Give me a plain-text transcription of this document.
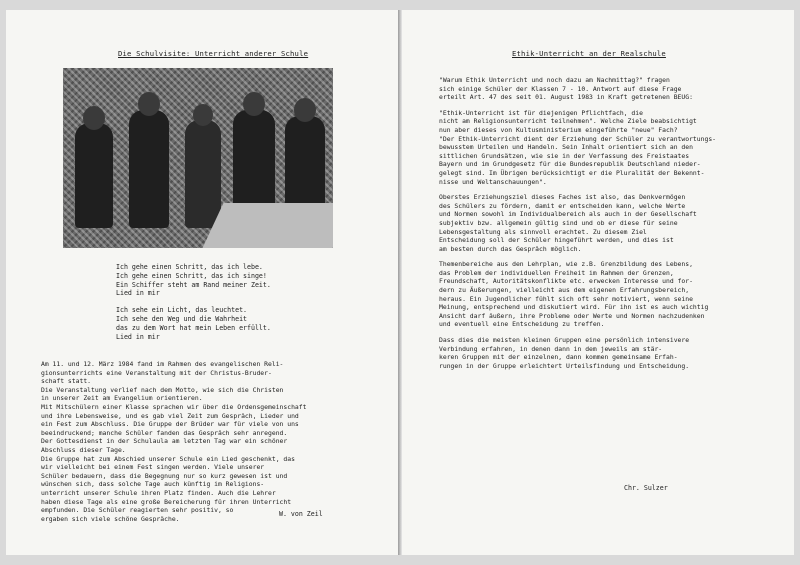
Die Schulvisite: Unterricht anderer Schule
Ich gehe einen Schritt, das ich lebe.
Ich gehe einen Schritt, das ich singe!
Ein Schiffer steht am Rand meiner Zeit.
Lied in mir
Ich sehe ein Licht, das leuchtet.
Ich sehe den Weg und die Wahrheit
das zu dem Wort hat mein Leben erfüllt.
Lied in mir
Am 11. und 12. März 1984 fand im Rahmen des evangelischen Reli-
gionsunterrichts eine Veranstaltung mit der Christus-Bruder-
schaft statt.
Die Veranstaltung verlief nach dem Motto, wie sich die Christen
in unserer Zeit am Evangelium orientieren.
Mit Mitschülern einer Klasse sprachen wir über die Ordensgemeinschaft
und ihre Lebensweise, und es gab viel Zeit zum Gespräch, Lieder und
ein Fest zum Abschluss. Die Gruppe der Brüder war für viele von uns
beeindruckend; manche Schüler fanden das Gespräch sehr anregend.
Der Gottesdienst in der Schulaula am letzten Tag war ein schöner
Abschluss dieser Tage.
Die Gruppe hat zum Abschied unserer Schule ein Lied geschenkt, das
wir vielleicht bei einem Fest singen werden. Viele unserer
Schüler bedauern, dass die Begegnung nur so kurz gewesen ist und
wünschen sich, dass solche Tage auch künftig im Religions-
unterricht unserer Schule ihren Platz finden. Auch die Lehrer
haben diese Tage als eine große Bereicherung für ihren Unterricht
empfunden. Die Schüler reagierten sehr positiv, so
ergaben sich viele schöne Gespräche.
W. von Zeil
Ethik-Unterricht an der Realschule
"Warum Ethik Unterricht und noch dazu am Nachmittag?" fragen
sich einige Schüler der Klassen 7 - 10. Antwort auf diese Frage
erteilt Art. 47 des seit 01. August 1983 in Kraft getretenen BEUG:
"Ethik-Unterricht ist für diejenigen Pflichtfach, die
nicht am Religionsunterricht teilnehmen". Welche Ziele beabsichtigt
nun aber dieses von Kultusministerium eingeführte "neue" Fach?
"Der Ethik-Unterricht dient der Erziehung der Schüler zu verantwortungs-
bewusstem Urteilen und Handeln. Sein Inhalt orientiert sich an den
sittlichen Grundsätzen, wie sie in der Verfassung des Freistaates
Bayern und im Grundgesetz für die Bundesrepublik Deutschland nieder-
gelegt sind. Im Übrigen berücksichtigt er die Pluralität der Bekennt-
nisse und Weltanschauungen".
Oberstes Erziehungsziel dieses Faches ist also, das Denkvermögen
des Schülers zu fördern, damit er entscheiden kann, welche Werte
und Normen sowohl im Individualbereich als auch in der Gesellschaft
subjektiv bzw. allgemein gültig sind und ob er diese für seine
Lebensgestaltung als sinnvoll erachtet. Zu diesem Ziel
Entscheidung soll der Schüler hingeführt werden, und dies ist
am besten durch das Gespräch möglich.
Themenbereiche aus den Lehrplan, wie z.B. Grenzbildung des Lebens,
das Problem der individuellen Freiheit im Rahmen der Grenzen,
Freundschaft, Autoritätskonflikte etc. erwecken Interesse und for-
dern zu Äußerungen, vielleicht aus dem eigenen Erfahrungsbereich,
heraus. Ein Jugendlicher fühlt sich oft sehr motiviert, wenn seine
Meinung, entsprechend und diskutiert wird. Für ihn ist es auch wichtig
Ansicht darf äußern, ihre Probleme oder Werte und Normen nachzudenken
und eventuell eine Entscheidung zu treffen.
Dass dies die meisten kleinen Gruppen eine persönlich intensivere
Verbindung erfahren, in denen dann in dem jeweils am stär-
keren Gruppen mit der einzelnen, dann kommen gemeinsame Erfah-
rungen in der Gruppe erleichtert Urteilsfindung und Entscheidung.
Chr. Sulzer
